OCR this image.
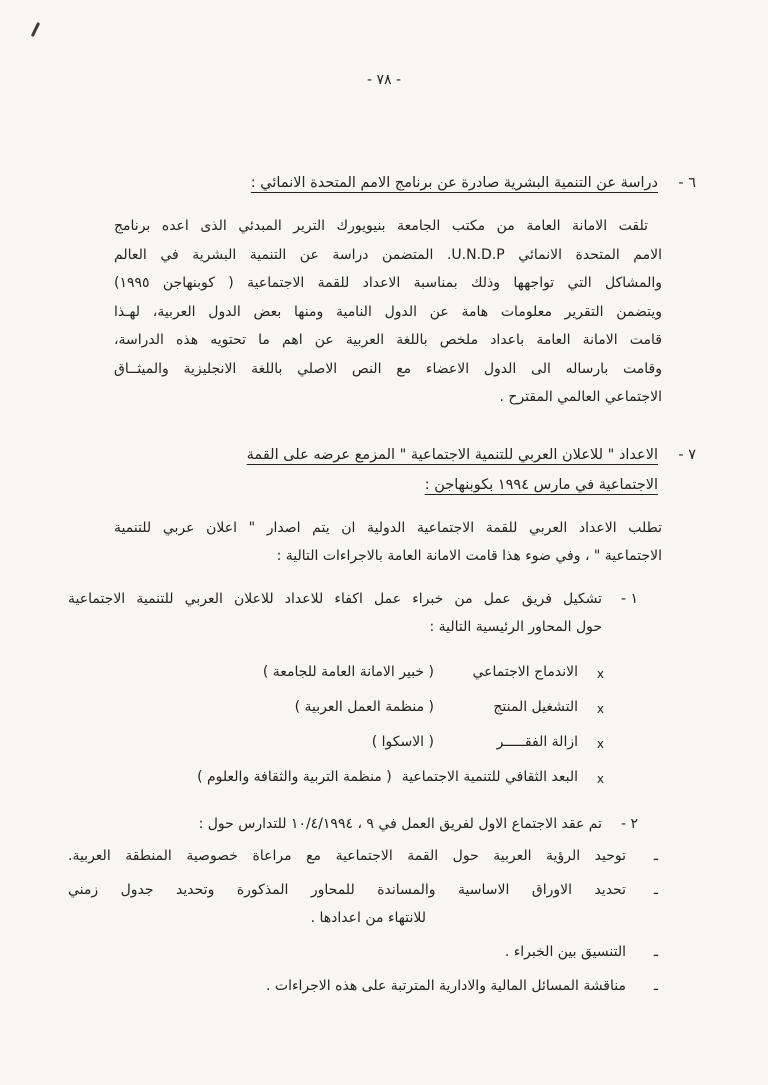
- ٧٨ -
٦ -
دراسة عن التنمية البشرية صادرة عن برنامج الامم المتحدة الانمائي :
تلقت الامانة العامة من مكتب الجامعة بنيويورك الترير المبدئي الذى اعده برنامج
الامم المتحدة الانمائي U.N.D.P. المتضمن دراسة عن التنمية البشرية في العالم
والمشاكل التي تواجهها وذلك بمناسبة الاعداد للقمة الاجتماعية ( كوبنهاجن ١٩٩٥)
ويتضمن التقرير معلومات هامة عن الدول النامية ومنها بعض الدول العربية، لهـذا
قامت الامانة العامة باعداد ملخص باللغة العربية عن اهم ما تحتويه هذه الدراسة،
وقامت بارساله الى الدول الاعضاء مع النص الاصلي باللغة الانجليزية والميثــاق
الاجتماعي العالمي المقترح .
٧ -
الاعداد " للاعلان العربي للتنمية الاجتماعية " المزمع عرضه على القمة
الاجتماعية في مارس ١٩٩٤ بكوبنهاجن :
تطلب الاعداد العربي للقمة الاجتماعية الدولية ان يتم اصدار " اعلان عربي للتنمية
الاجتماعية " ، وفي ضوء هذا قامت الامانة العامة بالاجراءات التالية :
١ -
تشكيل فريق عمل من خبراء عمل اكفاء للاعداد للاعلان العربي للتنمية الاجتماعية
حول المحاور الرئيسية التالية :
x
الاندماج الاجتماعي
( خبير الامانة العامة للجامعة )
x
التشغيل المنتج
( منظمة العمل العربية )
x
ازالة الفقـــــر
( الاسكوا )
x
البعد الثقافي للتنمية الاجتماعية
( منظمة التربية والثقافة والعلوم )
٢ -
تم عقد الاجتماع الاول لفريق العمل في ٩ ، ١٠/٤/١٩٩٤ للتدارس حول :
ـ
توحيد الرؤية العربية حول القمة الاجتماعية مع مراعاة خصوصية المنطقة العربية.
ـ
تحديد الاوراق الاساسية والمساندة للمحاور المذكورة وتحديد جدول زمني
للانتهاء من اعدادها .
ـ
التنسيق بين الخبراء .
ـ
مناقشة المسائل المالية والادارية المترتبة على هذه الاجراءات .
